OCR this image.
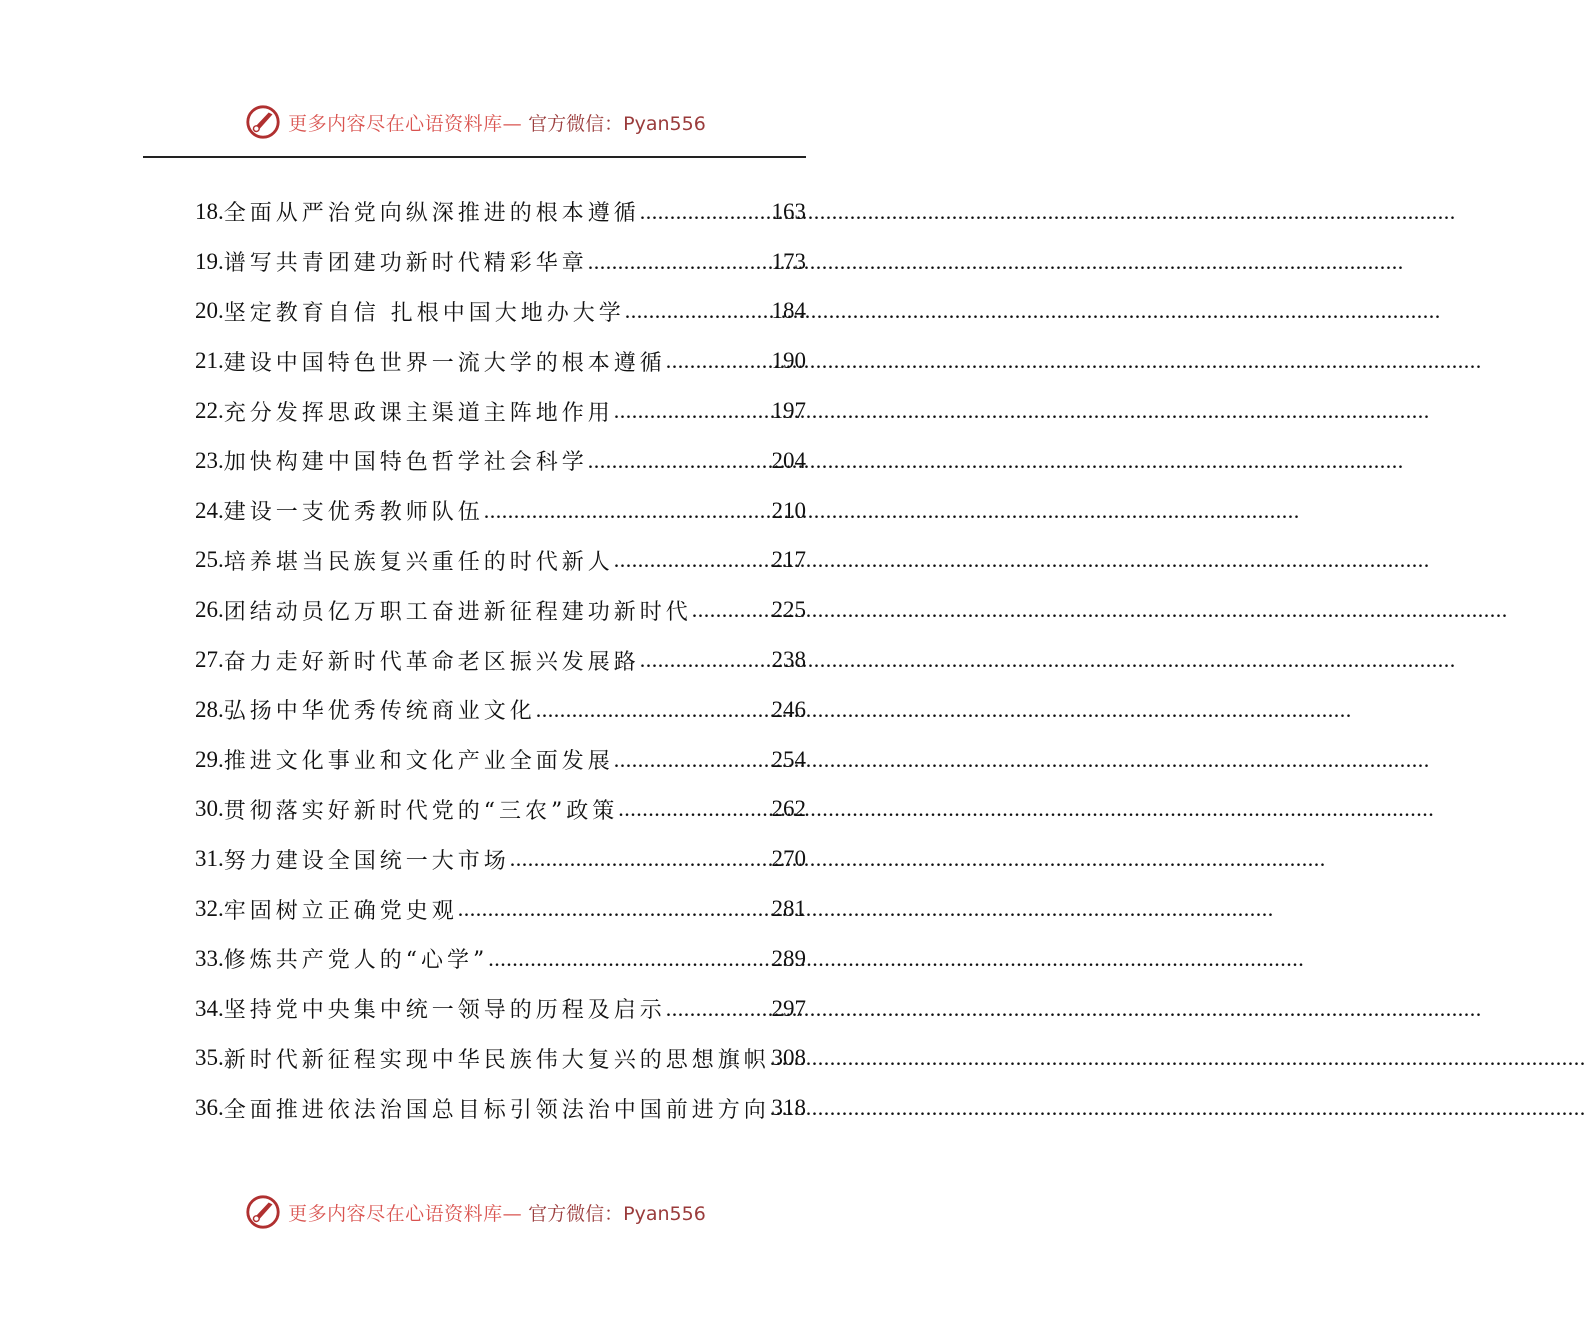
更多内容尽在心语资料库— 官方微信：Pyan556
18. 全面从严治党向纵深推进的根本遵循 .....	163
19. 谱写共青团建功新时代精彩华章 .....	173
20. 坚定教育自信 扎根中国大地办大学 .....	184
21. 建设中国特色世界一流大学的根本遵循 .....	190
22. 充分发挥思政课主渠道主阵地作用 .....	197
23. 加快构建中国特色哲学社会科学 .....	204
24. 建设一支优秀教师队伍 .....	210
25. 培养堪当民族复兴重任的时代新人 .....	217
26. 团结动员亿万职工奋进新征程建功新时代 .....	225
27. 奋力走好新时代革命老区振兴发展路 .....	238
28. 弘扬中华优秀传统商业文化 .....	246
29. 推进文化事业和文化产业全面发展 .....	254
30. 贯彻落实好新时代党的“三农”政策 .....	262
31. 努力建设全国统一大市场 .....	270
32. 牢固树立正确党史观 .....	281
33. 修炼共产党人的“心学” .....	289
34. 坚持党中央集中统一领导的历程及启示 .....	297
35. 新时代新征程实现中华民族伟大复兴的思想旗帜 ..... 308
36. 全面推进依法治国总目标引领法治中国前进方向 ..... 318
更多内容尽在心语资料库— 官方微信：Pyan556
